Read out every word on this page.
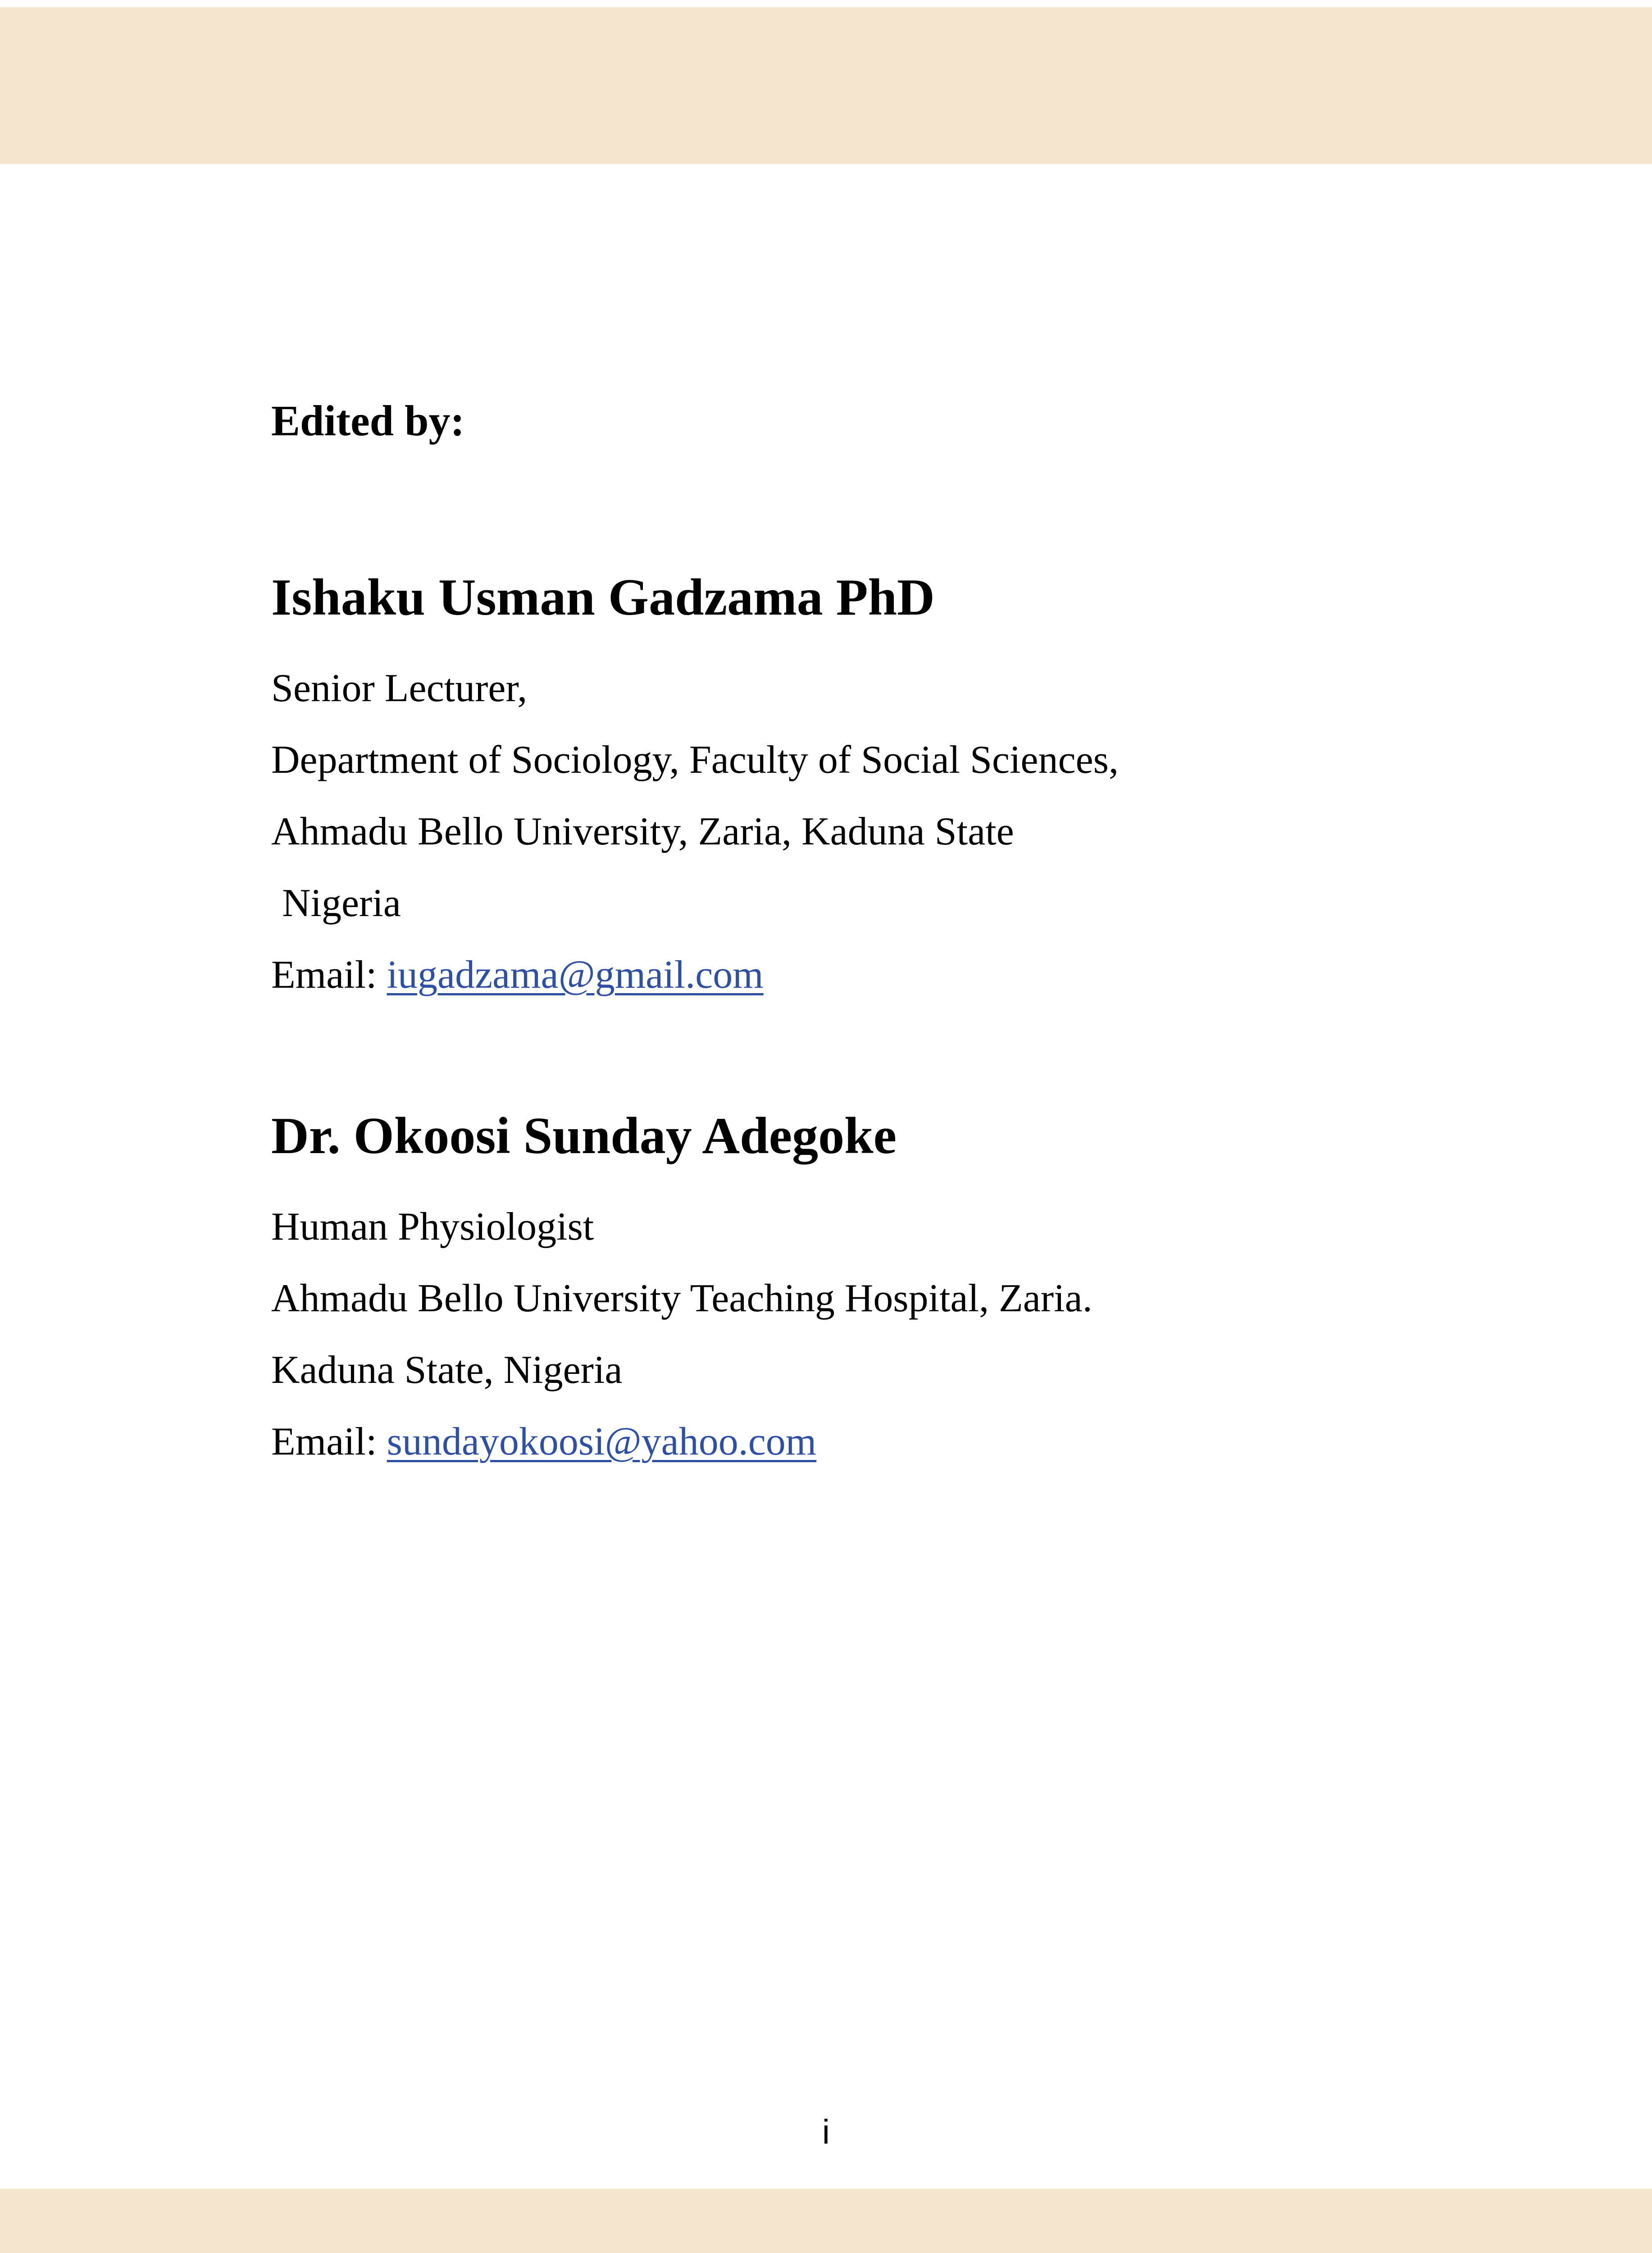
Edited by:
Ishaku Usman Gadzama PhD
Senior Lecturer,
Department of Sociology, Faculty of Social Sciences,
Ahmadu Bello University, Zaria, Kaduna State
Nigeria
Email: iugadzama@gmail.com
Dr. Okoosi Sunday Adegoke
Human Physiologist
Ahmadu Bello University Teaching Hospital, Zaria.
Kaduna State, Nigeria
Email: sundayokoosi@yahoo.com
i
